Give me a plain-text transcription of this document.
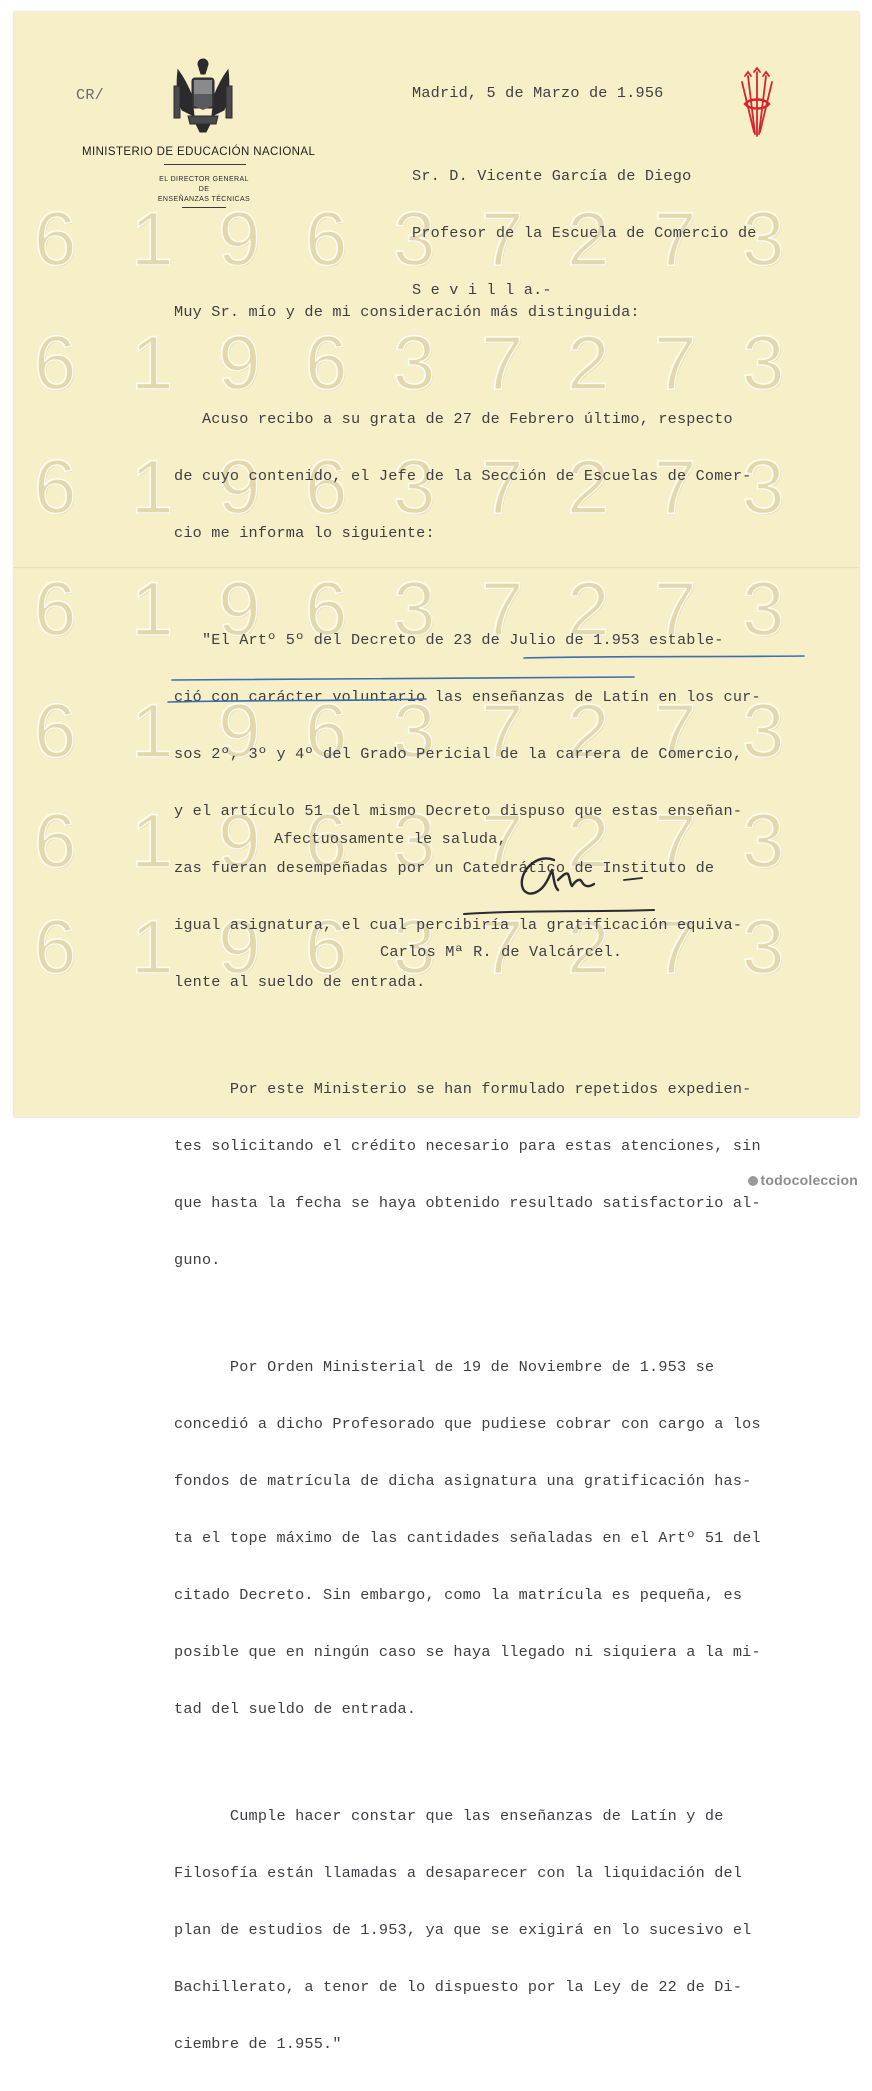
6 1 9 6 3 7 2 7 3
6 1 9 6 3 7 2 7 3
6 1 9 6 3 7 2 7 3
6 1 9 6 3 7 2 7 3
6 1 9 6 3 7 2 7 3
6 1 9 6 3 7 2 7 3
6 1 9 6 3 7 2 7 3
CR/
MINISTERIO DE EDUCACIÓN NACIONAL
EL DIRECTOR GENERAL
DE
ENSEÑANZAS TÉCNICAS
Madrid, 5 de Marzo de 1.956

Sr. D. Vicente García de Diego

Profesor de la Escuela de Comercio de

S e v i l l a.-

Muy Sr. mío y de mi consideración más distinguida:

Acuso recibo a su grata de 27 de Febrero último, respecto

de cuyo contenido, el Jefe de la Sección de Escuelas de Comer-

cio me informa lo siguiente:

"El Artº 5º del Decreto de 23 de Julio de 1.953 estable-

ció con carácter voluntario las enseñanzas de Latín en los cur-

sos 2º, 3º y 4º del Grado Pericial de la carrera de Comercio,

y el artículo 51 del mismo Decreto dispuso que estas enseñan-

zas fueran desempeñadas por un Catedrático de Instituto de

igual asignatura, el cual percibiría la gratificación equiva-

lente al sueldo de entrada.

Por este Ministerio se han formulado repetidos expedien-

tes solicitando el crédito necesario para estas atenciones, sin

que hasta la fecha se haya obtenido resultado satisfactorio al-

guno.

Por Orden Ministerial de 19 de Noviembre de 1.953 se

concedió a dicho Profesorado que pudiese cobrar con cargo a los

fondos de matrícula de dicha asignatura una gratificación has-

ta el tope máximo de las cantidades señaladas en el Artº 51 del

citado Decreto. Sin embargo, como la matrícula es pequeña, es

posible que en ningún caso se haya llegado ni siquiera a la mi-

tad del sueldo de entrada.

Cumple hacer constar que las enseñanzas de Latín y de

Filosofía están llamadas a desaparecer con la liquidación del

plan de estudios de 1.953, ya que se exigirá en lo sucesivo el

Bachillerato, a tenor de lo dispuesto por la Ley de 22 de Di-

ciembre de 1.955."

Afectuosamente le saluda,
Carlos Mª R. de Valcárcel.
todocoleccion
